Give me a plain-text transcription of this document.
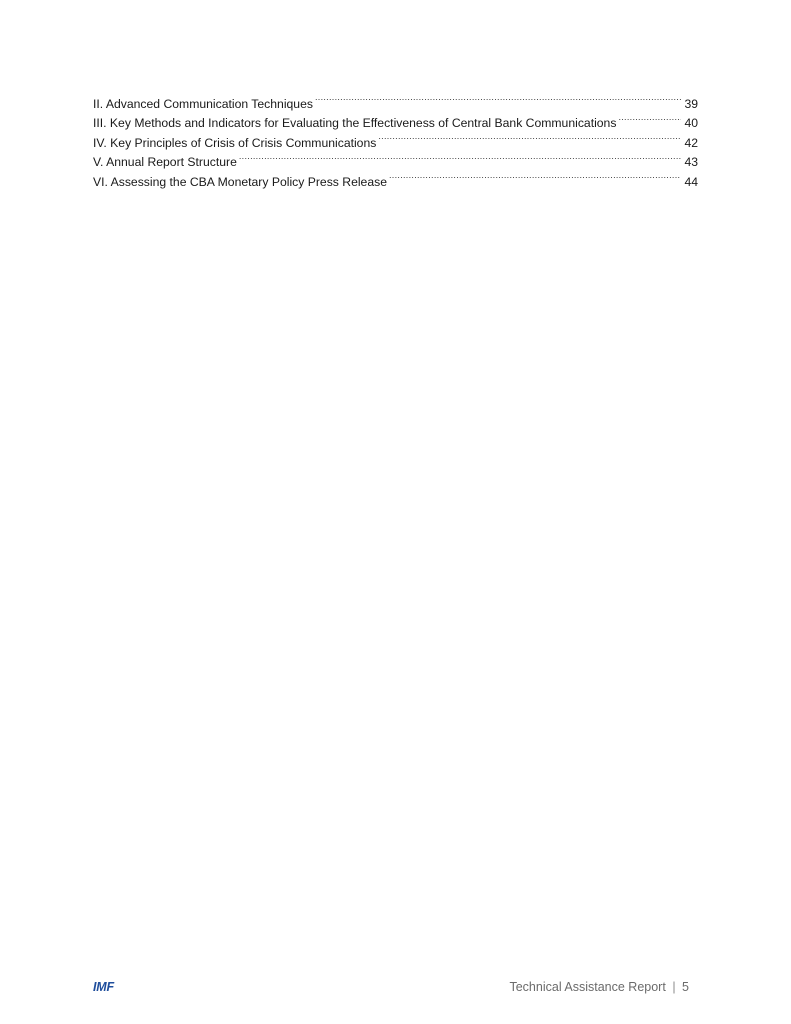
II. Advanced Communication Techniques . . .	39
III. Key Methods and Indicators for Evaluating the Effectiveness of Central Bank Communications . . .	40
IV. Key Principles of Crisis of Crisis Communications . . .	42
V. Annual Report Structure . . .	43
VI. Assessing the CBA Monetary Policy Press Release . . .	44
IMF	Technical Assistance Report | 5
